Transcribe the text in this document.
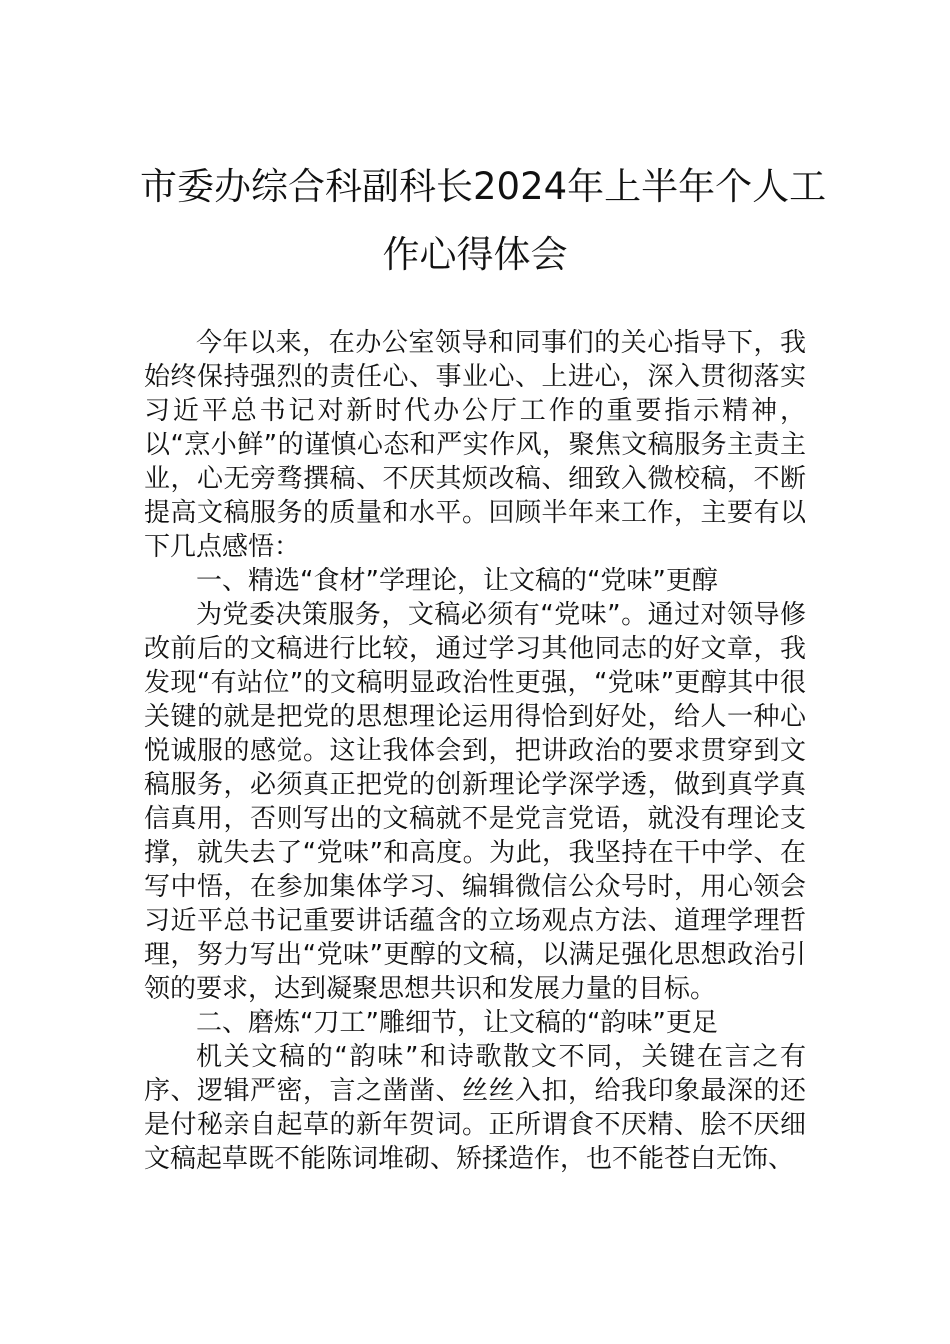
市委办综合科副科长2024年上半年个人工
作心得体会

今年以来，在办公室领导和同事们的关心指导下，我始终保持强烈的责任心、事业心、上进心，深入贯彻落实习近平总书记对新时代办公厅工作的重要指示精神，以“烹小鲜”的谨慎心态和严实作风，聚焦文稿服务主责主业，心无旁骛撰稿、不厌其烦改稿、细致入微校稿，不断提高文稿服务的质量和水平。回顾半年来工作，主要有以下几点感悟：

一、精选“食材”学理论，让文稿的“党味”更醇

为党委决策服务，文稿必须有“党味”。通过对领导修改前后的文稿进行比较，通过学习其他同志的好文章，我发现“有站位”的文稿明显政治性更强，“党味”更醇其中很关键的就是把党的思想理论运用得恰到好处，给人一种心悦诚服的感觉。这让我体会到，把讲政治的要求贯穿到文稿服务，必须真正把党的创新理论学深学透，做到真学真信真用，否则写出的文稿就不是党言党语，就没有理论支撑，就失去了“党味”和高度。为此，我坚持在干中学、在写中悟，在参加集体学习、编辑微信公众号时，用心领会习近平总书记重要讲话蕴含的立场观点方法、道理学理哲理，努力写出“党味”更醇的文稿，以满足强化思想政治引领的要求，达到凝聚思想共识和发展力量的目标。

二、磨炼“刀工”雕细节，让文稿的“韵味”更足

机关文稿的“韵味”和诗歌散文不同，关键在言之有序、逻辑严密，言之凿凿、丝丝入扣，给我印象最深的还是付秘亲自起草的新年贺词。正所谓食不厌精、脍不厌细文稿起草既不能陈词堆砌、矫揉造作，也不能苍白无饰、
